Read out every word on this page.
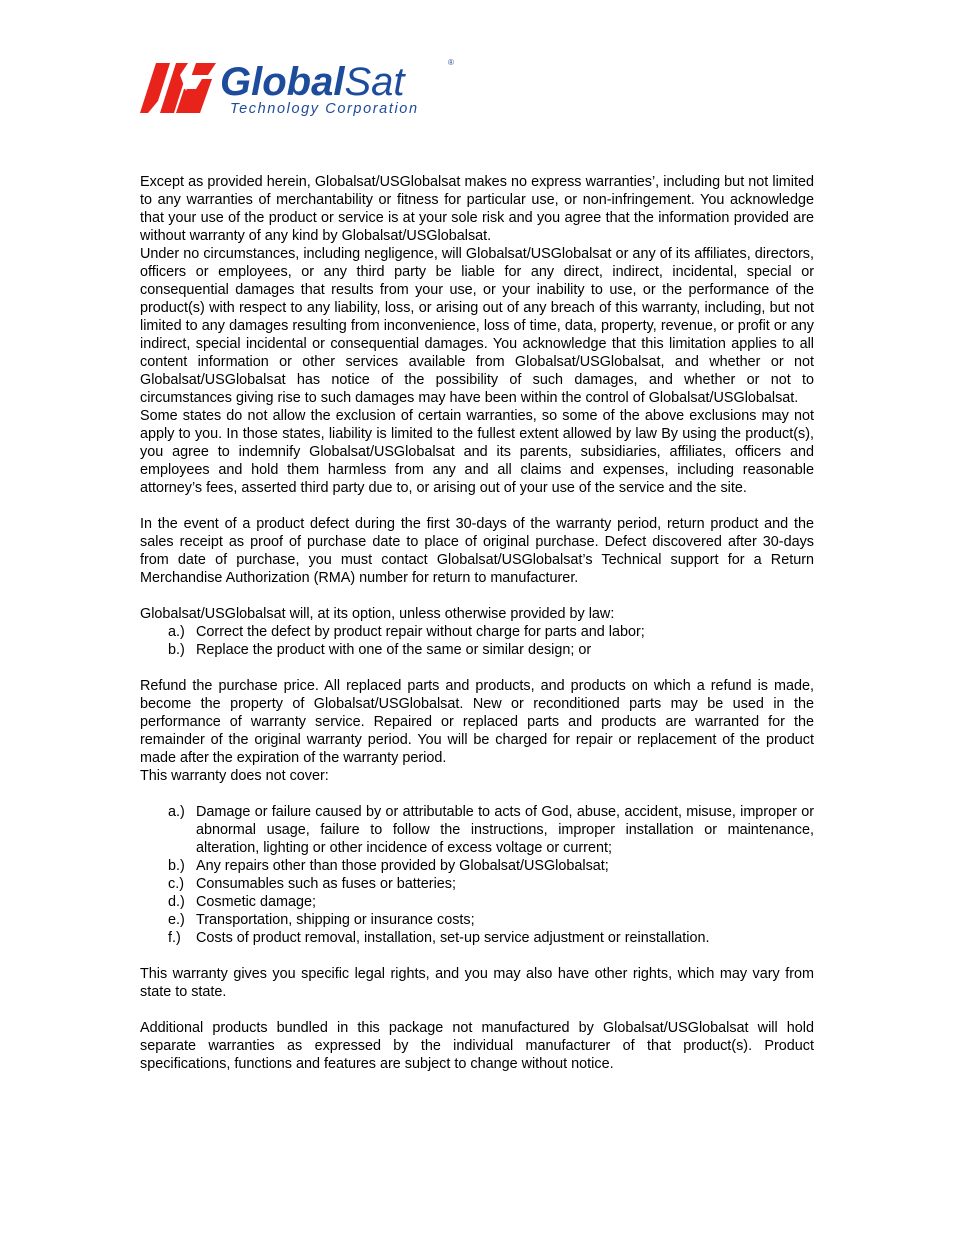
GlobalSat	®
Technology Corporation

Except as provided herein, Globalsat/USGlobalsat makes no express warranties’, including but not limited to any warranties of merchantability or fitness for particular use, or non-infringement. You acknowledge that your use of the product or service is at your sole risk and you agree that the information provided are without warranty of any kind by Globalsat/USGlobalsat.

Under no circumstances, including negligence, will Globalsat/USGlobalsat or any of its affiliates, directors, officers or employees, or any third party be liable for any direct, indirect, incidental, special or consequential damages that results from your use, or your inability to use, or the performance of the product(s) with respect to any liability, loss, or arising out of any breach of this warranty, including, but not limited to any damages resulting from inconvenience, loss of time, data, property, revenue, or profit or any indirect, special incidental or consequential damages. You acknowledge that this limitation applies to all content information or other services available from Globalsat/USGlobalsat, and whether or not Globalsat/USGlobalsat has notice of the possibility of such damages, and whether or not to circumstances giving rise to such damages may have been within the control of Globalsat/USGlobalsat.

Some states do not allow the exclusion of certain warranties, so some of the above exclusions may not apply to you. In those states, liability is limited to the fullest extent allowed by law By using the product(s), you agree to indemnify Globalsat/USGlobalsat and its parents, subsidiaries, affiliates, officers and employees and hold them harmless from any and all claims and expenses, including reasonable attorney’s fees, asserted third party due to, or arising out of your use of the service and the site.

In the event of a product defect during the first 30-days of the warranty period, return product and the sales receipt as proof of purchase date to place of original purchase. Defect discovered after 30-days from date of purchase, you must contact Globalsat/USGlobalsat’s Technical support for a Return Merchandise Authorization (RMA) number for return to manufacturer.

Globalsat/USGlobalsat will, at its option, unless otherwise provided by law:

a.) Correct the defect by product repair without charge for parts and labor;
b.) Replace the product with one of the same or similar design; or

Refund the purchase price. All replaced parts and products, and products on which a refund is made, become the property of Globalsat/USGlobalsat. New or reconditioned parts may be used in the performance of warranty service. Repaired or replaced parts and products are warranted for the remainder of the original warranty period. You will be charged for repair or replacement of the product made after the expiration of the warranty period.

This warranty does not cover:

a.) Damage or failure caused by or attributable to acts of God, abuse, accident, misuse, improper or abnormal usage, failure to follow the instructions, improper installation or maintenance, alteration, lighting or other incidence of excess voltage or current;
b.) Any repairs other than those provided by Globalsat/USGlobalsat;
c.) Consumables such as fuses or batteries;
d.) Cosmetic damage;
e.) Transportation, shipping or insurance costs;
f.) Costs of product removal, installation, set-up service adjustment or reinstallation.

This warranty gives you specific legal rights, and you may also have other rights, which may vary from state to state.

Additional products bundled in this package not manufactured by Globalsat/USGlobalsat will hold separate warranties as expressed by the individual manufacturer of that product(s). Product specifications, functions and features are subject to change without notice.
